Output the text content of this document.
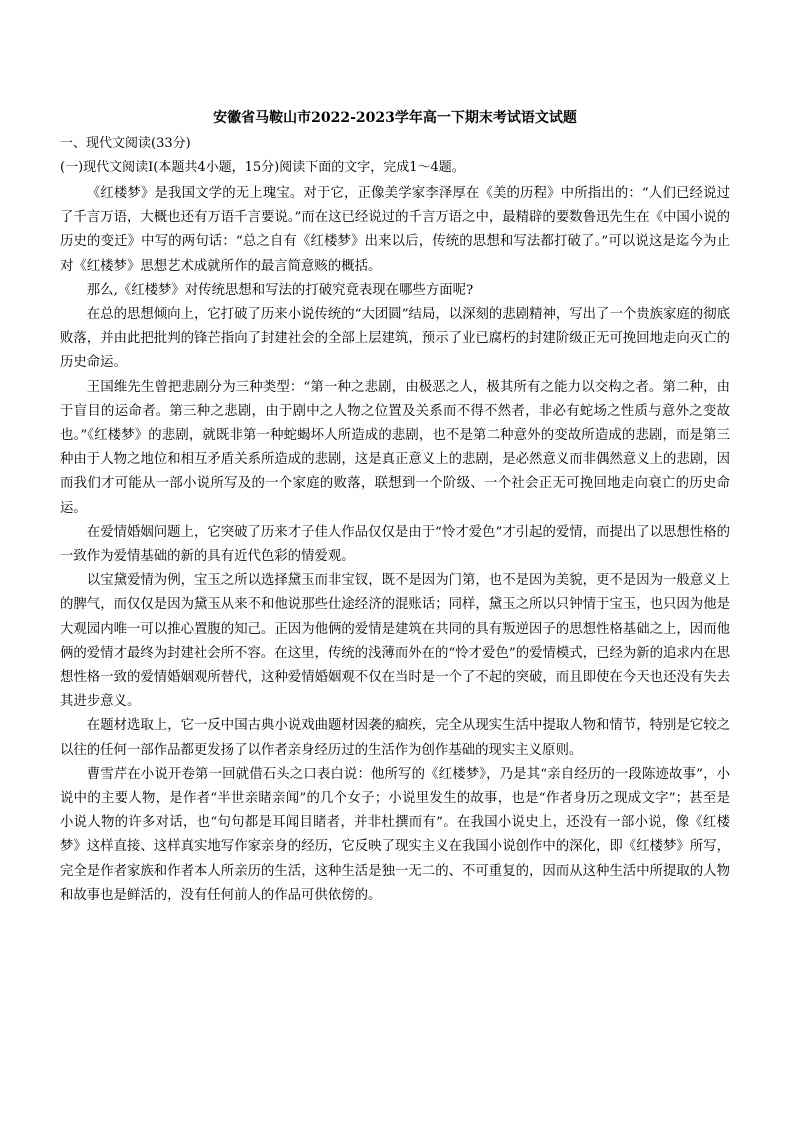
安徽省马鞍山市2022-2023学年高一下期末考试语文试题
一、现代文阅读(33分)
(一)现代文阅读Ⅰ(本题共4小题，15分)阅读下面的文字，完成1～4题。

《红楼梦》是我国文学的无上瑰宝。对于它，正像美学家李泽厚在《美的历程》中所指出的：“人们已经说过了千言万语，大概也还有万语千言要说。”而在这已经说过的千言万语之中，最精辟的要数鲁迅先生在《中国小说的历史的变迁》中写的两句话：“总之自有《红楼梦》出来以后，传统的思想和写法都打破了。”可以说这是迄今为止对《红楼梦》思想艺术成就所作的最言简意赅的概括。

那么,《红楼梦》对传统思想和写法的打破究竟表现在哪些方面呢?

在总的思想倾向上，它打破了历来小说传统的“大团圆”结局，以深刻的悲剧精神，写出了一个贵族家庭的彻底败落，并由此把批判的锋芒指向了封建社会的全部上层建筑，预示了业已腐朽的封建阶级正无可挽回地走向灭亡的历史命运。

王国维先生曾把悲剧分为三种类型：“第一种之悲剧，由极恶之人，极其所有之能力以交构之者。第二种，由于盲目的运命者。第三种之悲剧，由于剧中之人物之位置及关系而不得不然者，非必有蛇场之性质与意外之变故也。”《红楼梦》的悲剧，就既非第一种蛇蝎坏人所造成的悲剧，也不是第二种意外的变故所造成的悲剧，而是第三种由于人物之地位和相互矛盾关系所造成的悲剧，这是真正意义上的悲剧，是必然意义而非偶然意义上的悲剧，因而我们才可能从一部小说所写及的一个家庭的败落，联想到一个阶级、一个社会正无可挽回地走向衰亡的历史命运。

在爱情婚姻问题上，它突破了历来才子佳人作品仅仅是由于“怜才爱色”才引起的爱情，而提出了以思想性格的一致作为爱情基础的新的具有近代色彩的情爱观。

以宝黛爱情为例，宝玉之所以选择黛玉而非宝钗，既不是因为门第，也不是因为美貌，更不是因为一般意义上的脾气，而仅仅是因为黛玉从来不和他说那些仕途经济的混账话；同样，黛玉之所以只钟情于宝玉，也只因为他是大观园内唯一可以推心置腹的知己。正因为他俩的爱情是建筑在共同的具有叛逆因子的思想性格基础之上，因而他俩的爱情才最终为封建社会所不容。在这里，传统的浅薄而外在的“怜才爱色”的爱情模式，已经为新的追求内在思想性格一致的爱情婚姻观所替代，这种爱情婚姻观不仅在当时是一个了不起的突破，而且即使在今天也还没有失去其进步意义。

在题材选取上，它一反中国古典小说戏曲题材因袭的痼疾，完全从现实生活中提取人物和情节，特别是它较之以往的任何一部作品都更发扬了以作者亲身经历过的生活作为创作基础的现实主义原则。

曹雪芹在小说开卷第一回就借石头之口表白说：他所写的《红楼梦》，乃是其“亲自经历的一段陈迹故事”，小说中的主要人物，是作者“半世亲睹亲闻”的几个女子；小说里发生的故事，也是“作者身历之现成文字”；甚至是小说人物的许多对话，也“句句都是耳闻目睹者，并非杜撰而有”。在我国小说史上，还没有一部小说，像《红楼梦》这样直接、这样真实地写作家亲身的经历，它反映了现实主义在我国小说创作中的深化，即《红楼梦》所写，完全是作者家族和作者本人所亲历的生活，这种生活是独一无二的、不可重复的，因而从这种生活中所提取的人物和故事也是鲜活的，没有任何前人的作品可供依傍的。
